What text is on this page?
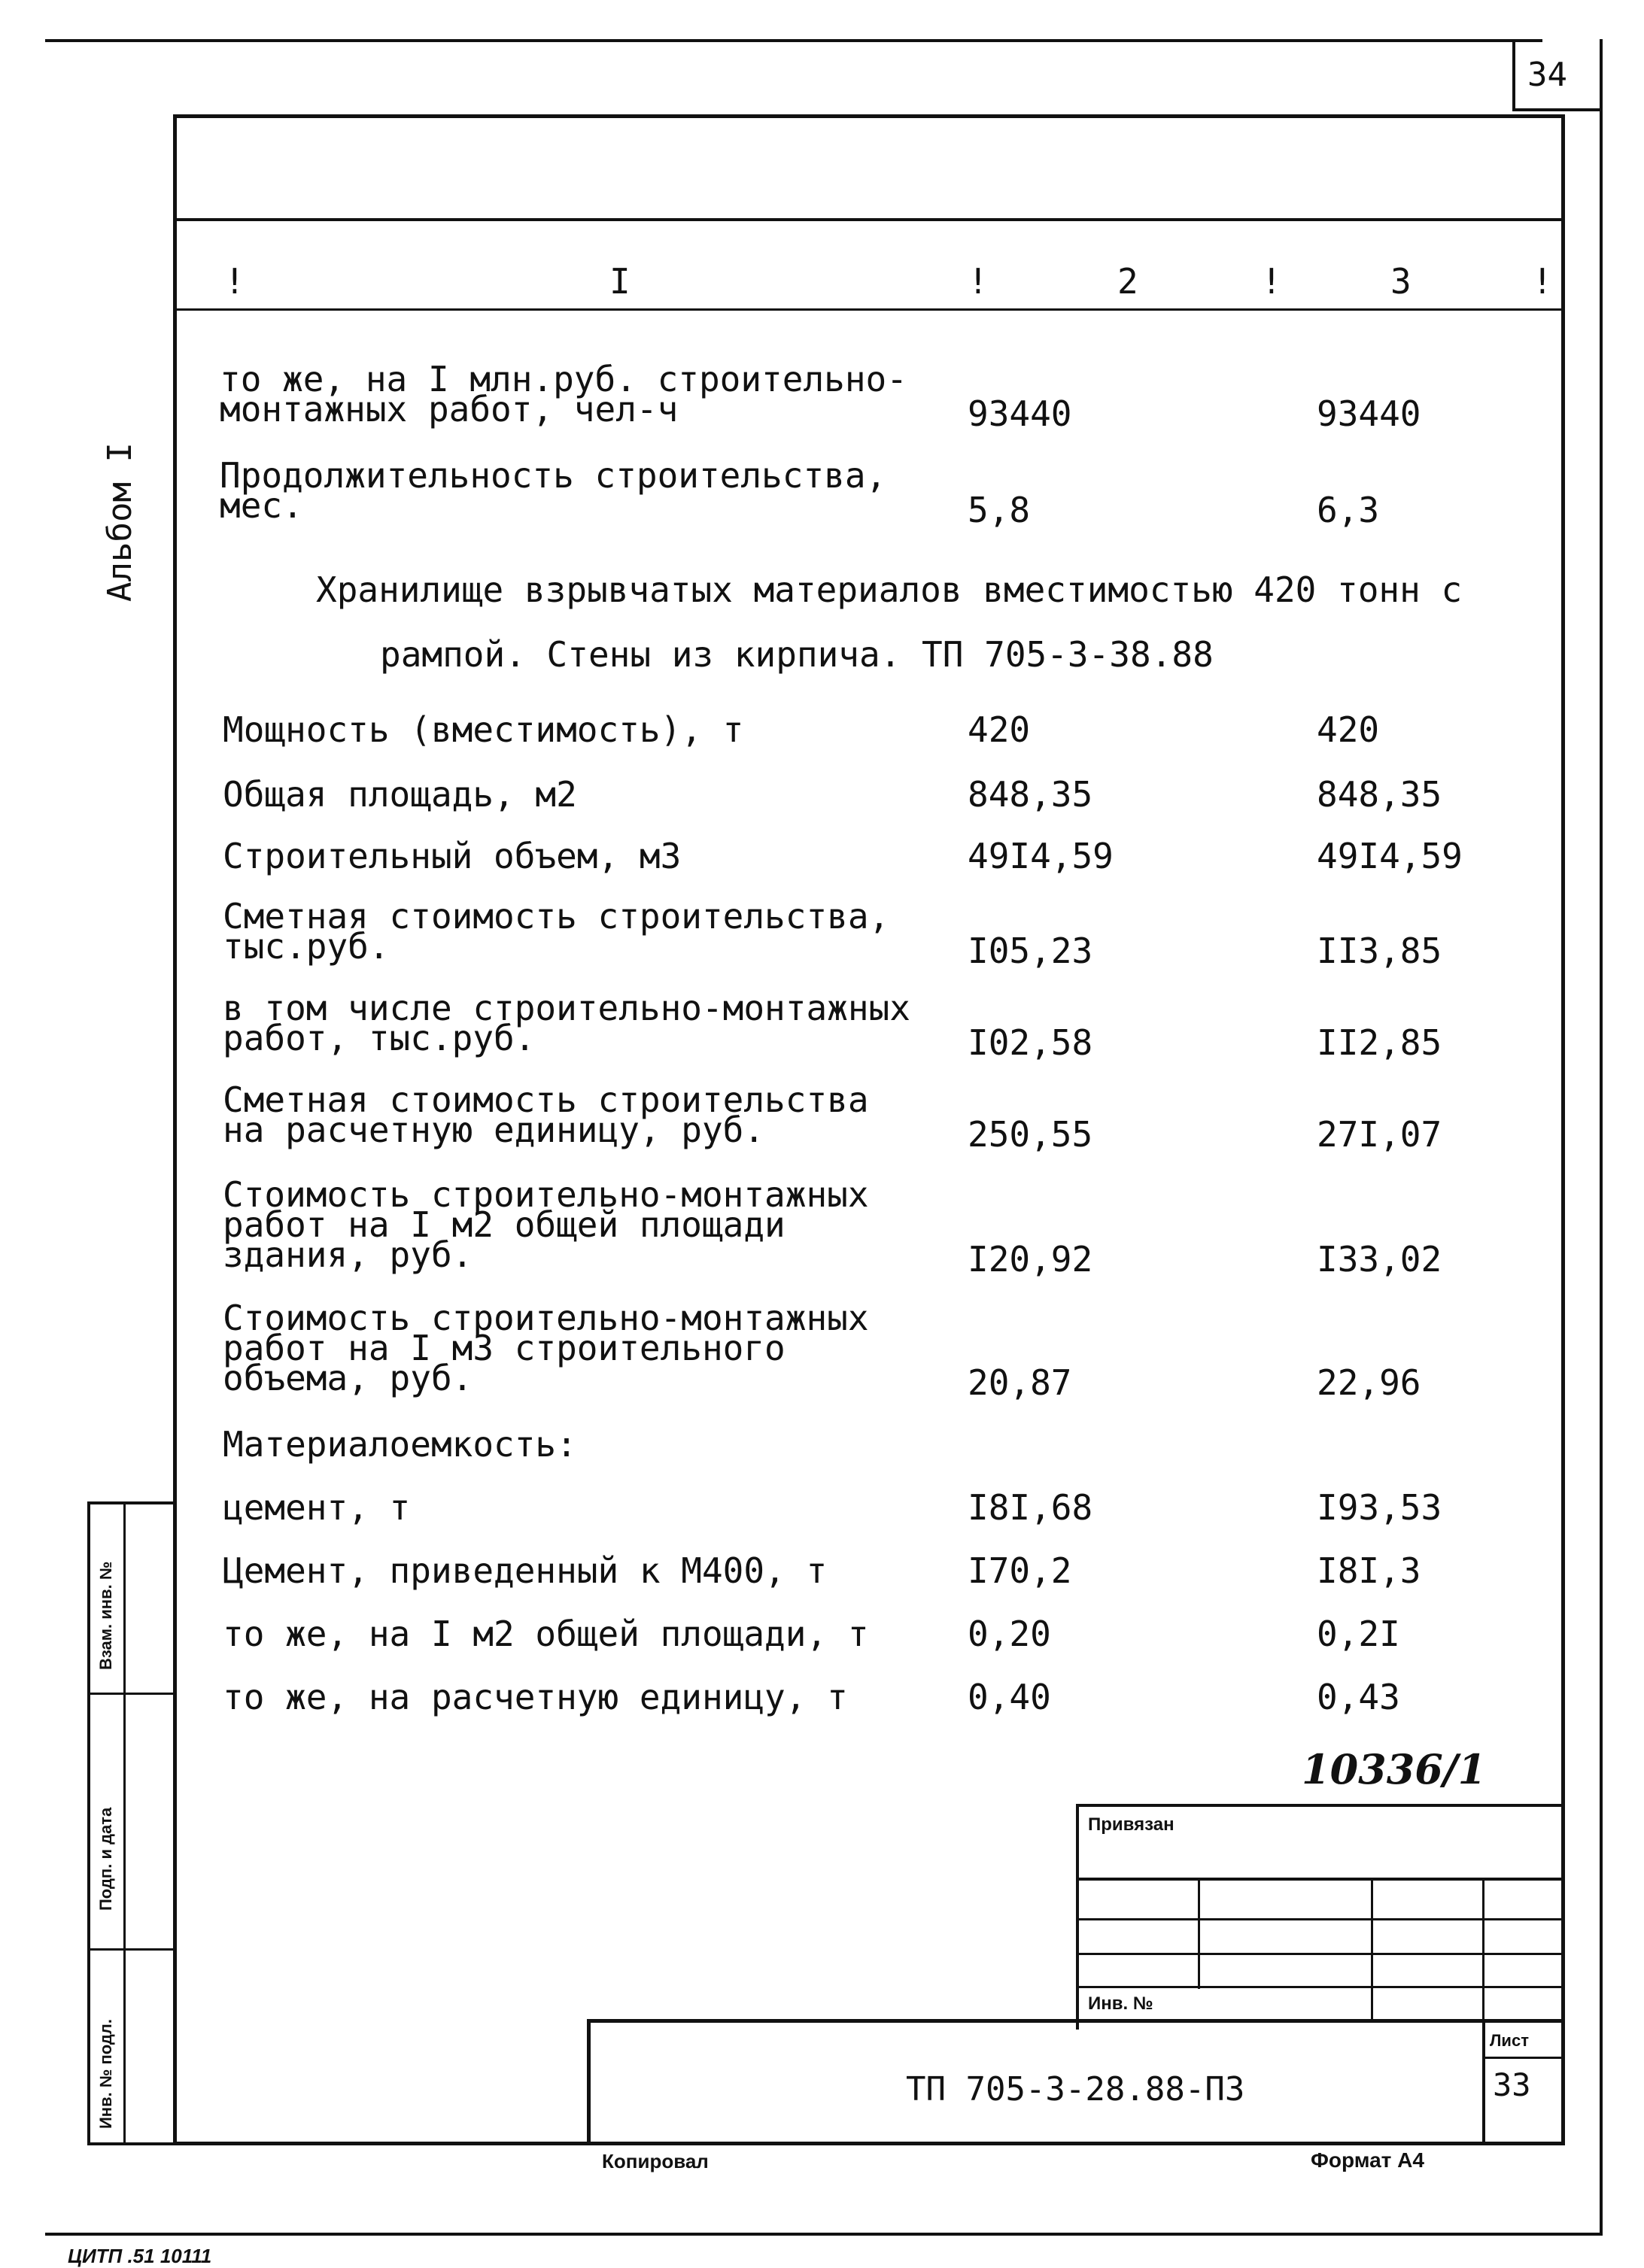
34
Альбом I
!	I	!	2	!	3	!
то же, на I млн.руб. строительно-
монтажных работ, чел-ч	93440	93440
Продолжительность строительства,
мес.	5,8	6,3
Хранилище взрывчатых материалов вместимостью 420 тонн с
рампой. Стены из кирпича. ТП 705-3-38.88
Мощность (вместимость), т	420	420
Общая площадь, м2	848,35	848,35
Строительный объем, м3	49I4,59	49I4,59
Сметная стоимость строительства,
тыс.руб.	I05,23	II3,85
в том числе строительно-монтажных
работ, тыс.руб.	I02,58	II2,85
Сметная стоимость строительства
на расчетную единицу, руб.	250,55	27I,07
Стоимость строительно-монтажных
работ на I м2 общей площади
здания, руб.	I20,92	I33,02
Стоимость строительно-монтажных
работ на I м3 строительного
объема, руб.	20,87	22,96
Материалоемкость:
цемент, т	I8I,68	I93,53
Цемент, приведенный к М400, т	I70,2	I8I,3
то же, на I м2 общей площади, т	0,20	0,2I
то же, на расчетную единицу, т	0,40	0,43
10336/1
Привязан
Инв. №
Лист
33
ТП 705-3-28.88-ПЗ
Взам. инв. №
Подп. и дата
Инв. № подл.
Копировал	Формат А4
ЦИТП .51 10111
